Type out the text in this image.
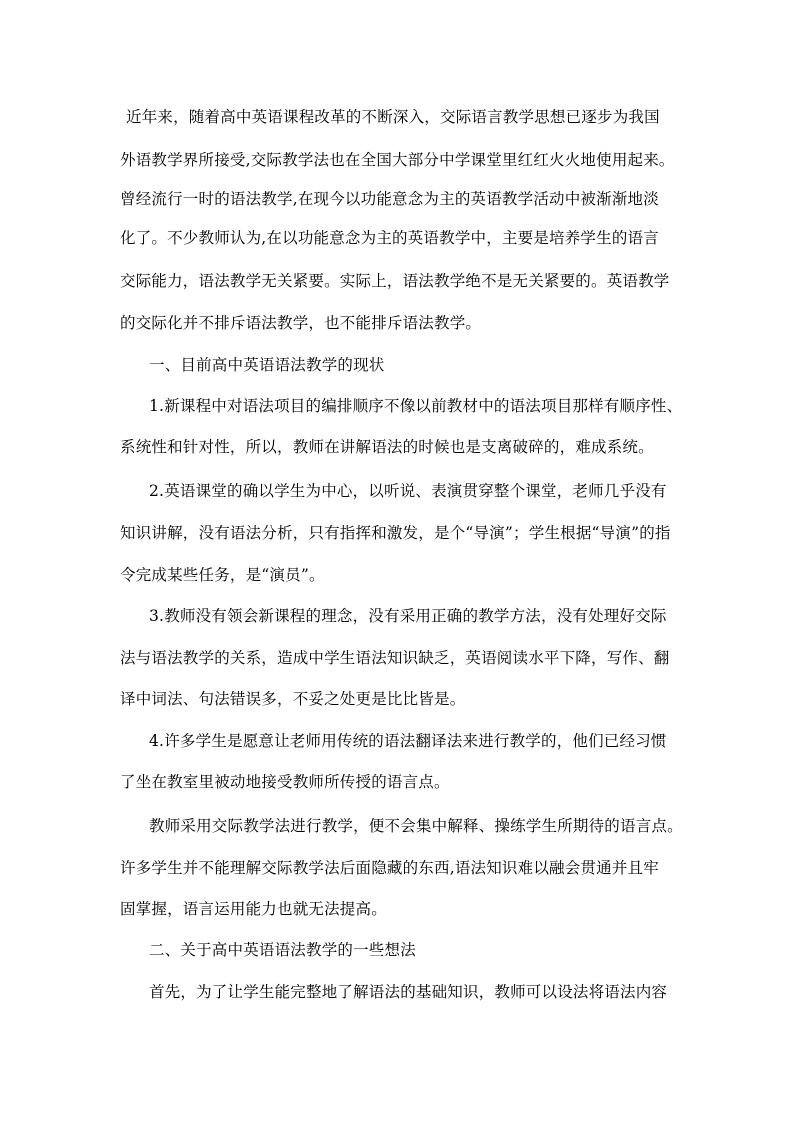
近年来，随着高中英语课程改革的不断深入，交际语言教学思想已逐步为我国
外语教学界所接受,交际教学法也在全国大部分中学课堂里红红火火地使用起来。
曾经流行一时的语法教学,在现今以功能意念为主的英语教学活动中被渐渐地淡
化了。不少教师认为,在以功能意念为主的英语教学中，主要是培养学生的语言
交际能力，语法教学无关紧要。实际上，语法教学绝不是无关紧要的。英语教学
的交际化并不排斥语法教学，也不能排斥语法教学。
一、目前高中英语语法教学的现状
1.新课程中对语法项目的编排顺序不像以前教材中的语法项目那样有顺序性、
系统性和针对性，所以，教师在讲解语法的时候也是支离破碎的，难成系统。
2.英语课堂的确以学生为中心，以听说、表演贯穿整个课堂，老师几乎没有
知识讲解，没有语法分析，只有指挥和激发，是个“导演”；学生根据“导演”的指
令完成某些任务，是“演员”。
3.教师没有领会新课程的理念，没有采用正确的教学方法，没有处理好交际
法与语法教学的关系，造成中学生语法知识缺乏，英语阅读水平下降，写作、翻
译中词法、句法错误多，不妥之处更是比比皆是。
4.许多学生是愿意让老师用传统的语法翻译法来进行教学的，他们已经习惯
了坐在教室里被动地接受教师所传授的语言点。
教师采用交际教学法进行教学，便不会集中解释、操练学生所期待的语言点。
许多学生并不能理解交际教学法后面隐藏的东西,语法知识难以融会贯通并且牢
固掌握，语言运用能力也就无法提高。
二、关于高中英语语法教学的一些想法
首先，为了让学生能完整地了解语法的基础知识，教师可以设法将语法内容
